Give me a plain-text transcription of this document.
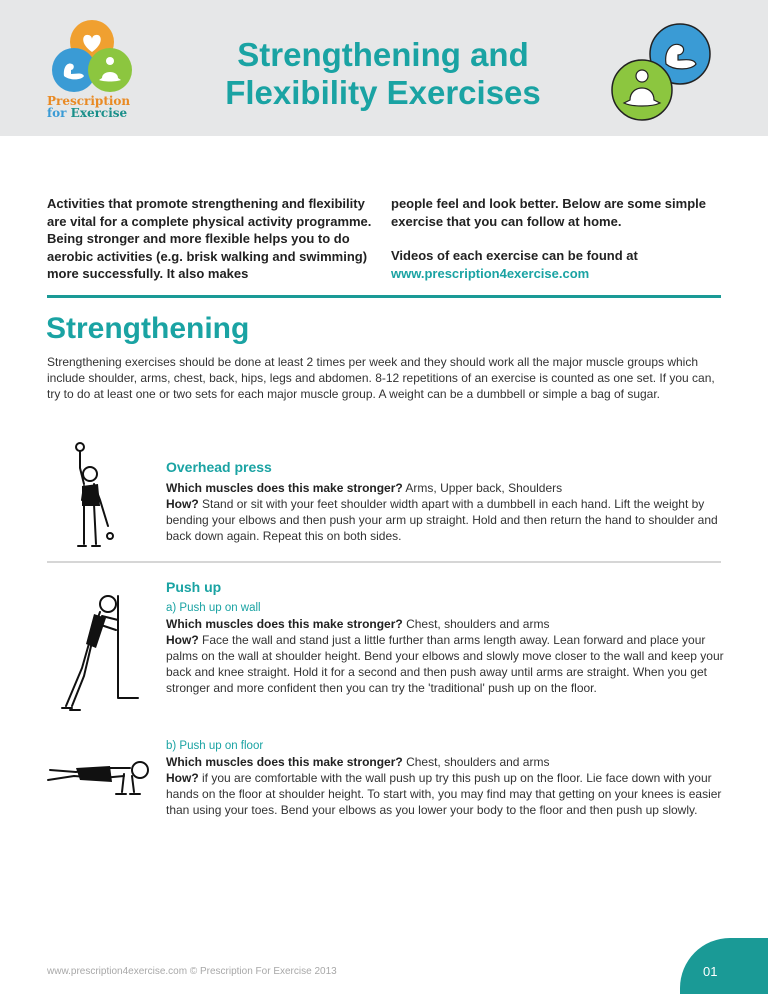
Prescription
for Exercise
Strengthening and
Flexibility Exercises

Activities that promote strengthening and flexibility are vital for a complete physical activity programme. Being stronger and more flexible helps you to do aerobic activities (e.g. brisk walking and swimming) more successfully. It also makes

people feel and look better. Below are some simple exercise that you can follow at home.

Videos of each exercise can be found at

www.prescription4exercise.com
Strengthening

Strengthening exercises should be done at least 2 times per week and they should work all the major muscle groups which include shoulder, arms, chest, back, hips, legs and abdomen. 8-12 repetitions of an exercise is counted as one set. If you can, try to do at least one or two sets for each major muscle group. A weight can be a dumbbell or simple a bag of sugar.

Overhead press

Which muscles does this make stronger? Arms, Upper back, Shoulders

How? Stand or sit with your feet shoulder width apart with a dumbbell in each hand. Lift the weight by bending your elbows and then push your arm up straight. Hold and then return the hand to shoulder and back down again. Repeat this on both sides.

Push up

a) Push up on wall

Which muscles does this make stronger? Chest, shoulders and arms

How? Face the wall and stand just a little further than arms length away. Lean forward and place your palms on the wall at shoulder height. Bend your elbows and slowly move closer to the wall and keep your back and knee straight. Hold it for a second and then push away until arms are straight. When you get stronger and more confident then you can try the 'traditional' push up on the floor.

b) Push up on floor

Which muscles does this make stronger? Chest, shoulders and arms

How? if you are comfortable with the wall push up try this push up on the floor. Lie face down with your hands on the floor at shoulder height. To start with, you may find may that getting on your knees is easier than using your toes. Bend your elbows as you lower your body to the floor and then push up slowly.

www.prescription4exercise.com © Prescription For Exercise 2013	01
